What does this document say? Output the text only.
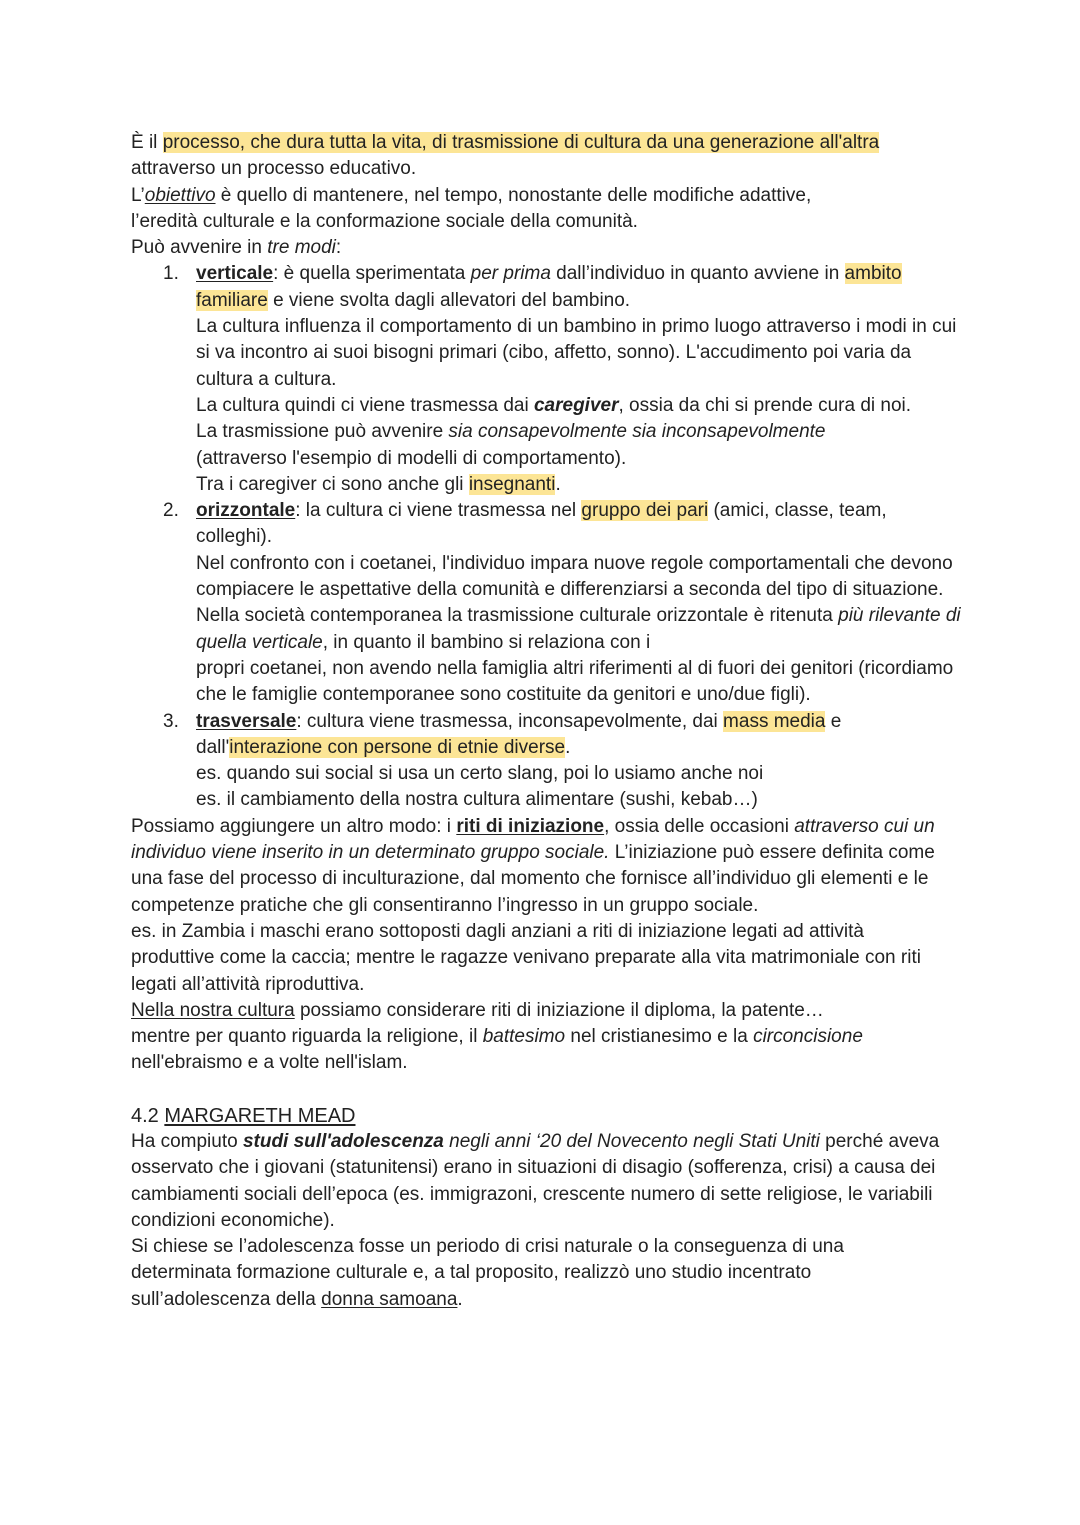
È il processo, che dura tutta la vita, di trasmissione di cultura da una generazione all'altra
attraverso un processo educativo.

L’obiettivo è quello di mantenere, nel tempo, nonostante delle modifiche adattive, l’eredità culturale e la conformazione sociale della comunità.

Può avvenire in tre modi:

1. verticale: è quella sperimentata per prima dall’individuo in quanto avviene in ambito familiare e viene svolta dagli allevatori del bambino.

La cultura influenza il comportamento di un bambino in primo luogo attraverso i modi in cui si va incontro ai suoi bisogni primari (cibo, affetto, sonno). L'accudimento poi varia da cultura a cultura.

La cultura quindi ci viene trasmessa dai caregiver, ossia da chi si prende cura di noi.

La trasmissione può avvenire sia consapevolmente sia inconsapevolmente (attraverso l'esempio di modelli di comportamento).

Tra i caregiver ci sono anche gli insegnanti.

2. orizzontale: la cultura ci viene trasmessa nel gruppo dei pari (amici, classe, team, colleghi).

Nel confronto con i coetanei, l'individuo impara nuove regole comportamentali che devono compiacere le aspettative della comunità e differenziarsi a seconda del tipo di situazione.

Nella società contemporanea la trasmissione culturale orizzontale è ritenuta più rilevante di quella verticale, in quanto il bambino si relaziona con i

propri coetanei, non avendo nella famiglia altri riferimenti al di fuori dei genitori (ricordiamo che le famiglie contemporanee sono costituite da genitori e uno/due figli).

3. trasversale: cultura viene trasmessa, inconsapevolmente, dai mass media e dall'interazione con persone di etnie diverse.

es. quando sui social si usa un certo slang, poi lo usiamo anche noi

es. il cambiamento della nostra cultura alimentare (sushi, kebab…)

Possiamo aggiungere un altro modo: i riti di iniziazione, ossia delle occasioni attraverso cui un individuo viene inserito in un determinato gruppo sociale. L’iniziazione può essere definita come una fase del processo di inculturazione, dal momento che fornisce all’individuo gli elementi e le competenze pratiche che gli consentiranno l’ingresso in un gruppo sociale.

es. in Zambia i maschi erano sottoposti dagli anziani a riti di iniziazione legati ad attività produttive come la caccia; mentre le ragazze venivano preparate alla vita matrimoniale con riti legati all’attività riproduttiva.

Nella nostra cultura possiamo considerare riti di iniziazione il diploma, la patente…

mentre per quanto riguarda la religione, il battesimo nel cristianesimo e la circoncisione nell'ebraismo e a volte nell'islam.

4.2 MARGARETH MEAD

Ha compiuto studi sull'adolescenza negli anni ‘20 del Novecento negli Stati Uniti perché aveva osservato che i giovani (statunitensi) erano in situazioni di disagio (sofferenza, crisi) a causa dei cambiamenti sociali dell’epoca (es. immigrazoni, crescente numero di sette religiose, le variabili condizioni economiche).

Si chiese se l’adolescenza fosse un periodo di crisi naturale o la conseguenza di una determinata formazione culturale e, a tal proposito, realizzò uno studio incentrato sull’adolescenza della donna samoana.
